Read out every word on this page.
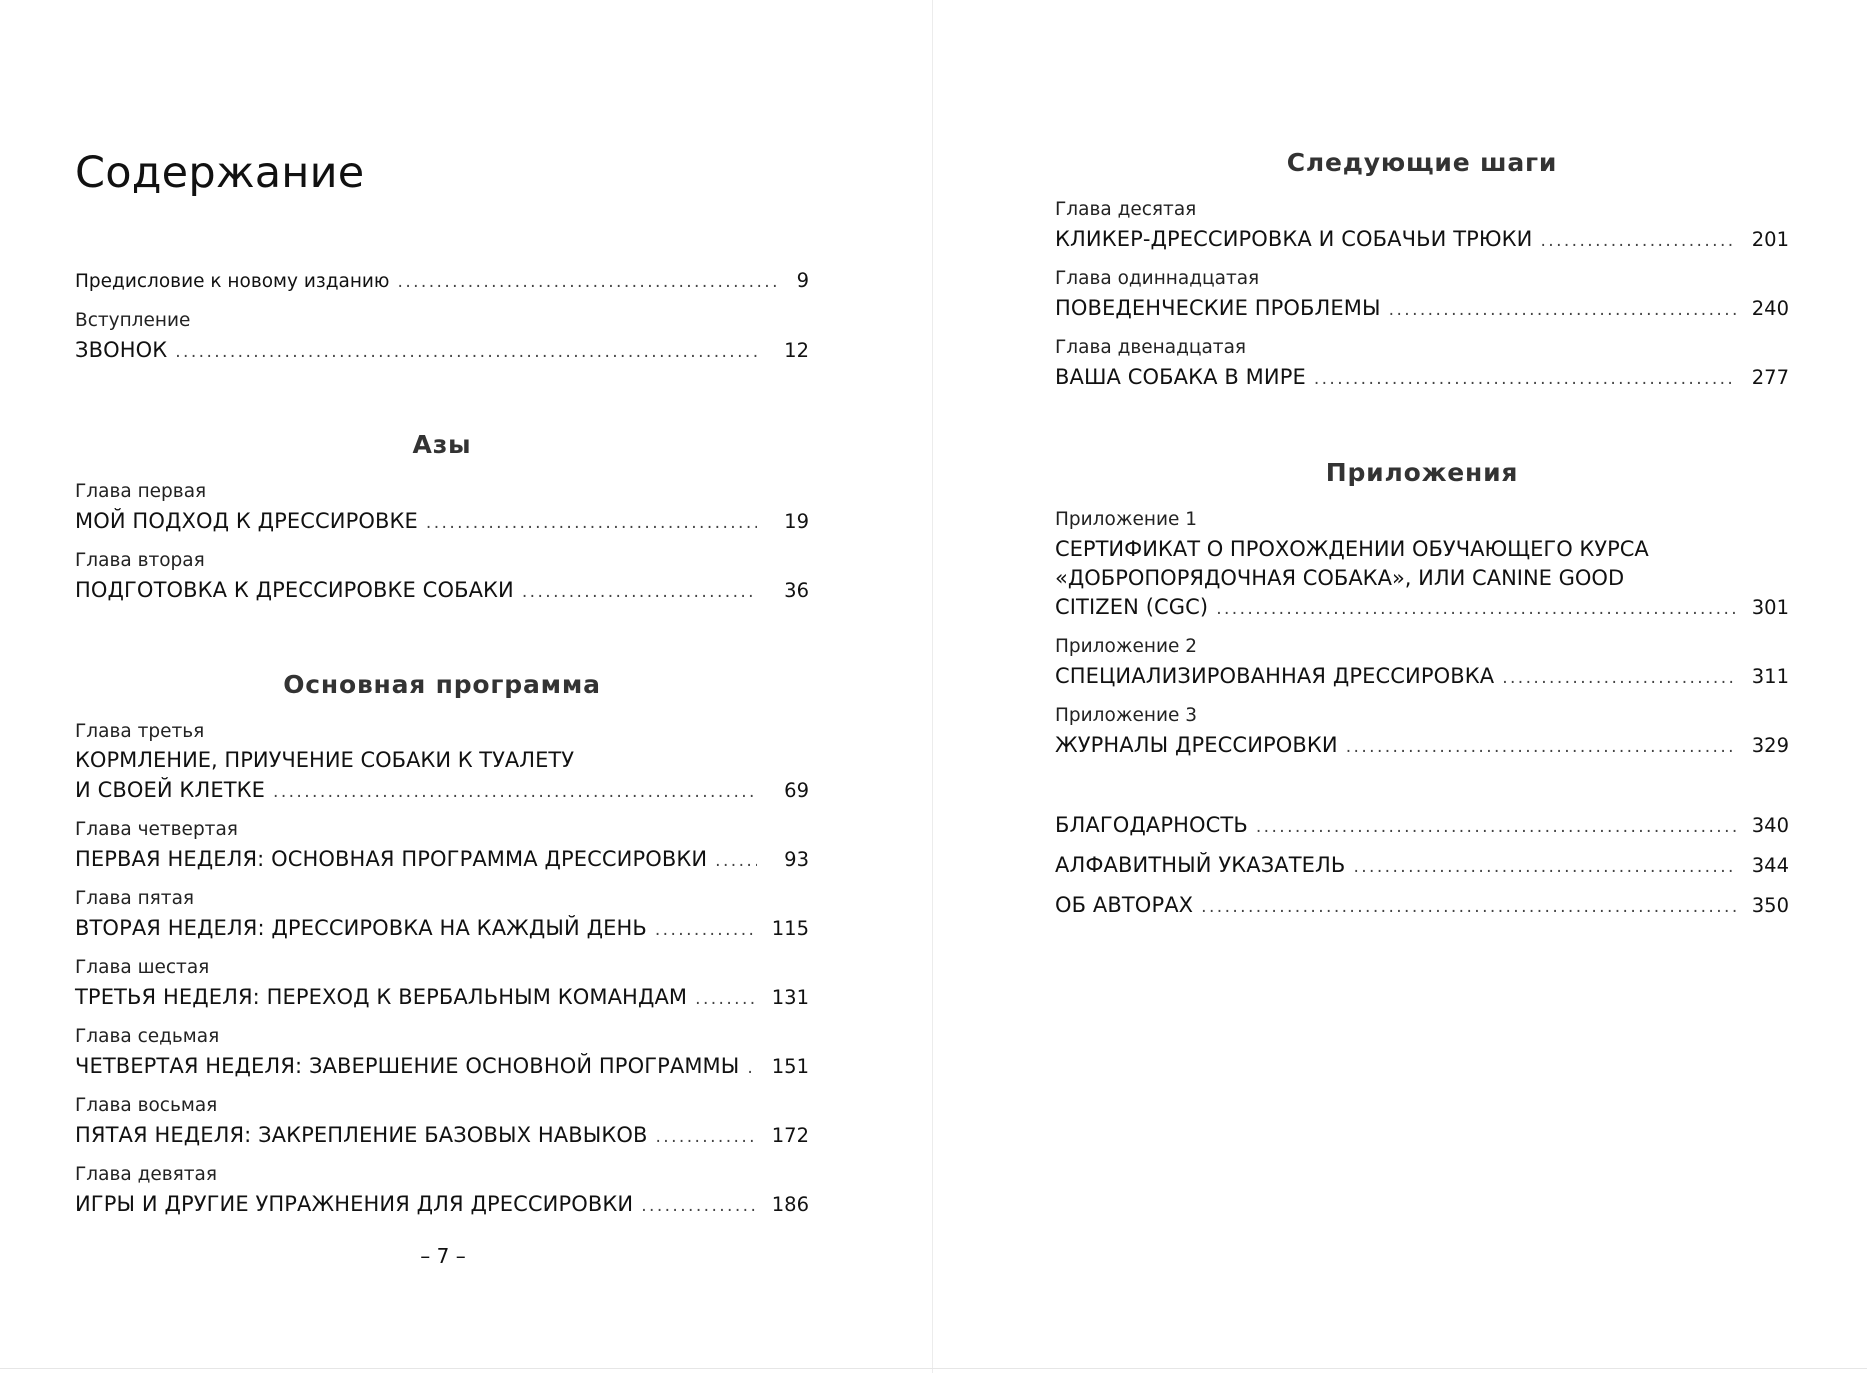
Содержание
Предисловие к новому изданию .....	9
Вступление
ЗВОНОК .....	12
Азы
Глава первая
МОЙ ПОДХОД К ДРЕССИРОВКЕ .....	19
Глава вторая
ПОДГОТОВКА К ДРЕССИРОВКЕ СОБАКИ .....	36
Основная программа
Глава третья
КОРМЛЕНИЕ, ПРИУЧЕНИЕ СОБАКИ К ТУАЛЕТУ
И СВОЕЙ КЛЕТКЕ .....	69
Глава четвертая
ПЕРВАЯ НЕДЕЛЯ: ОСНОВНАЯ ПРОГРАММА ДРЕССИРОВКИ .....	93
Глава пятая
ВТОРАЯ НЕДЕЛЯ: ДРЕССИРОВКА НА КАЖДЫЙ ДЕНЬ .....	115
Глава шестая
ТРЕТЬЯ НЕДЕЛЯ: ПЕРЕХОД К ВЕРБАЛЬНЫМ КОМАНДАМ .....	131
Глава седьмая
ЧЕТВЕРТАЯ НЕДЕЛЯ: ЗАВЕРШЕНИЕ ОСНОВНОЙ ПРОГРАММЫ .....	151
Глава восьмая
ПЯТАЯ НЕДЕЛЯ: ЗАКРЕПЛЕНИЕ БАЗОВЫХ НАВЫКОВ .....	172
Глава девятая
ИГРЫ И ДРУГИЕ УПРАЖНЕНИЯ ДЛЯ ДРЕССИРОВКИ .....	186
– 7 –
Следующие шаги
Глава десятая
КЛИКЕР-ДРЕССИРОВКА И СОБАЧЬИ ТРЮКИ .....	201
Глава одиннадцатая
ПОВЕДЕНЧЕСКИЕ ПРОБЛЕМЫ .....	240
Глава двенадцатая
ВАША СОБАКА В МИРЕ .....	277
Приложения
Приложение 1
СЕРТИФИКАТ О ПРОХОЖДЕНИИ ОБУЧАЮЩЕГО КУРСА
«ДОБРОПОРЯДОЧНАЯ СОБАКА», ИЛИ CANINE GOOD
CITIZEN (CGC) .....	301
Приложение 2
СПЕЦИАЛИЗИРОВАННАЯ ДРЕССИРОВКА .....	311
Приложение 3
ЖУРНАЛЫ ДРЕССИРОВКИ .....	329
БЛАГОДАРНОСТЬ .....	340
АЛФАВИТНЫЙ УКАЗАТЕЛЬ .....	344
ОБ АВТОРАХ .....	350
